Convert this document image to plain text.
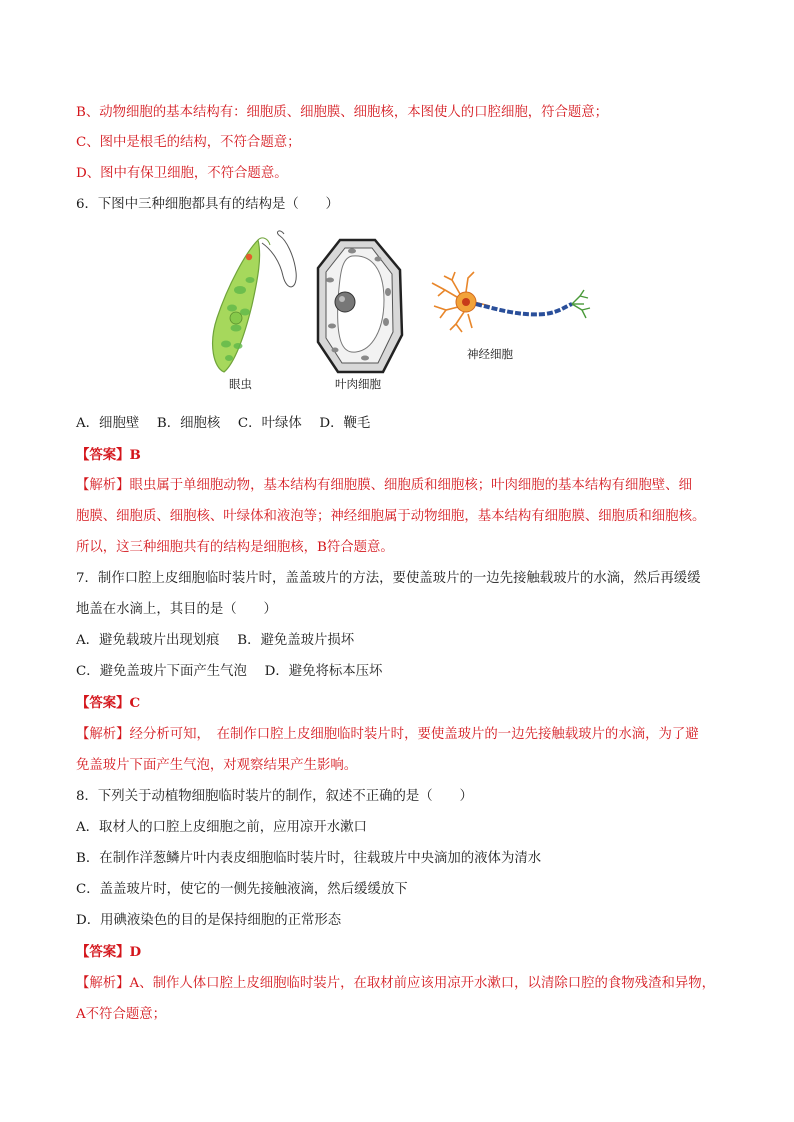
B、动物细胞的基本结构有：细胞质、细胞膜、细胞核，本图使人的口腔细胞，符合题意；
C、图中是根毛的结构，不符合题意；
D、图中有保卫细胞，不符合题意。
6．下图中三种细胞都具有的结构是（　　）
眼虫	叶肉细胞
神经细胞
A．细胞壁　 B．细胞核　 C．叶绿体　 D．鞭毛
【答案】B
【解析】眼虫属于单细胞动物，基本结构有细胞膜、细胞质和细胞核；叶肉细胞的基本结构有细胞壁、细
胞膜、细胞质、细胞核、叶绿体和液泡等；神经细胞属于动物细胞，基本结构有细胞膜、细胞质和细胞核。
所以，这三种细胞共有的结构是细胞核，B符合题意。
7．制作口腔上皮细胞临时装片时，盖盖玻片的方法，要使盖玻片的一边先接触载玻片的水滴，然后再缓缓
地盖在水滴上，其目的是（　　）
A．避免载玻片出现划痕　 B．避免盖玻片损坏
C．避免盖玻片下面产生气泡　 D．避免将标本压坏
【答案】C
【解析】经分析可知，　在制作口腔上皮细胞临时装片时，要使盖玻片的一边先接触载玻片的水滴，为了避
免盖玻片下面产生气泡，对观察结果产生影响。
8．下列关于动植物细胞临时装片的制作，叙述不正确的是（　　）
A．取材人的口腔上皮细胞之前，应用凉开水漱口
B．在制作洋葱鳞片叶内表皮细胞临时装片时，往载玻片中央滴加的液体为清水
C．盖盖玻片时，使它的一侧先接触液滴，然后缓缓放下
D．用碘液染色的目的是保持细胞的正常形态
【答案】D
【解析】A、制作人体口腔上皮细胞临时装片，在取材前应该用凉开水漱口，以清除口腔的食物残渣和异物，
A不符合题意；
